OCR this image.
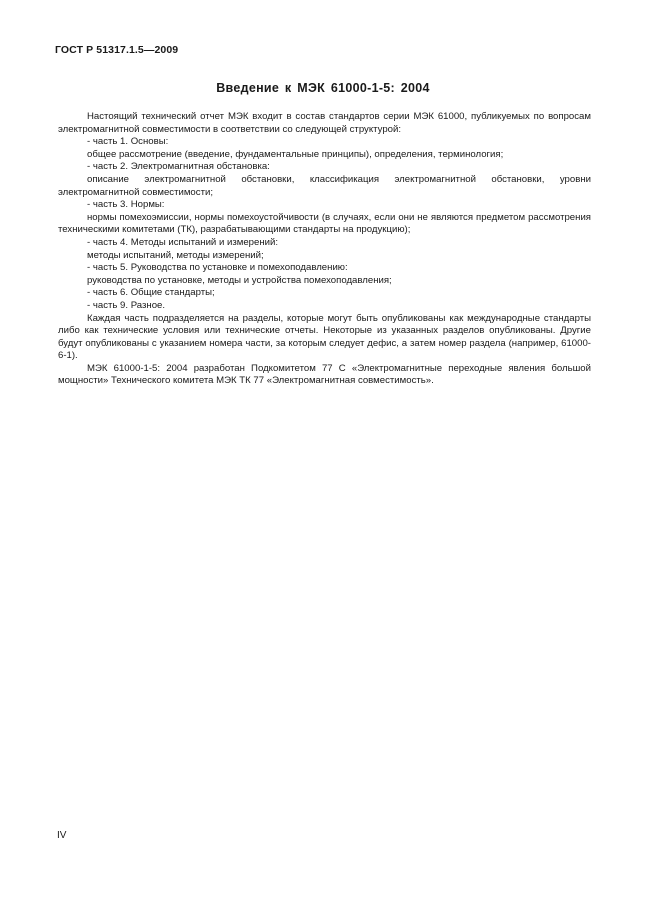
ГОСТ Р 51317.1.5—2009
Введение к МЭК 61000-1-5: 2004

Настоящий технический отчет МЭК входит в состав стандартов серии МЭК 61000, публикуемых по вопросам электромагнитной совместимости в соответствии со следующей структурой:

- часть 1. Основы:

общее рассмотрение (введение, фундаментальные принципы), определения, терминология;

- часть 2. Электромагнитная обстановка:

описание электромагнитной обстановки, классификация электромагнитной обстановки, уровни электромагнитной совместимости;

- часть 3. Нормы:

нормы помехоэмиссии, нормы помехоустойчивости (в случаях, если они не являются предметом рассмотрения техническими комитетами (ТК), разрабатывающими стандарты на продукцию);

- часть 4. Методы испытаний и измерений:

методы испытаний, методы измерений;

- часть 5. Руководства по установке и помехоподавлению:

руководства по установке, методы и устройства помехоподавления;

- часть 6. Общие стандарты;

- часть 9. Разное.

Каждая часть подразделяется на разделы, которые могут быть опубликованы как международные стандарты либо как технические условия или технические отчеты. Некоторые из указанных разделов опубликованы. Другие будут опубликованы с указанием номера части, за которым следует дефис, а затем номер раздела (например, 61000-6-1).

МЭК 61000-1-5: 2004 разработан Подкомитетом 77 С «Электромагнитные переходные явления большой мощности» Технического комитета МЭК ТК 77 «Электромагнитная совместимость».

IV
